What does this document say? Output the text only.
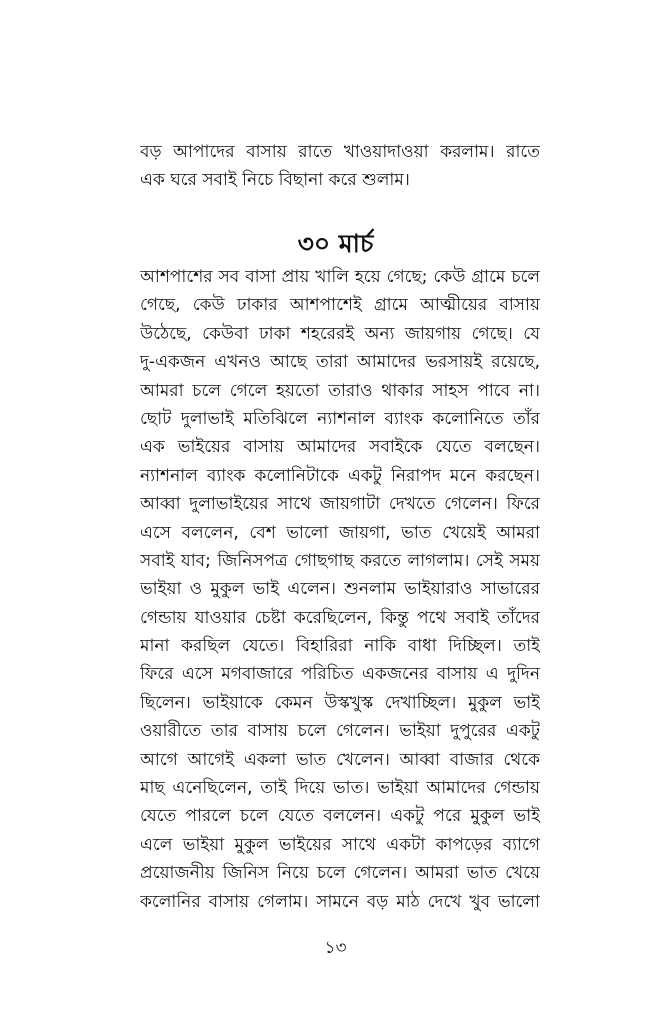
বড় আপাদের বাসায় রাতে খাওয়াদাওয়া করলাম। রাতে
এক ঘরে সবাই নিচে বিছানা করে শুলাম।
৩০ মার্চ
আশপাশের সব বাসা প্রায় খালি হয়ে গেছে; কেউ গ্রামে চলে
গেছে, কেউ ঢাকার আশপাশেই গ্রামে আত্মীয়ের বাসায়
উঠেছে, কেউবা ঢাকা শহরেরই অন্য জায়গায় গেছে। যে
দু-একজন এখনও আছে তারা আমাদের ভরসায়ই রয়েছে,
আমরা চলে গেলে হয়তো তারাও থাকার সাহস পাবে না।
ছোট দুলাভাই মতিঝিলে ন্যাশনাল ব্যাংক কলোনিতে তাঁর
এক ভাইয়ের বাসায় আমাদের সবাইকে যেতে বলছেন।
ন্যাশনাল ব্যাংক কলোনিটাকে একটু নিরাপদ মনে করছেন।
আব্বা দুলাভাইয়ের সাথে জায়গাটা দেখতে গেলেন। ফিরে
এসে বললেন, বেশ ভালো জায়গা, ভাত খেয়েই আমরা
সবাই যাব; জিনিসপত্র গোছগাছ করতে লাগলাম। সেই সময়
ভাইয়া ও মুকুল ভাই এলেন। শুনলাম ভাইয়ারাও সাভারের
গেন্ডায় যাওয়ার চেষ্টা করেছিলেন, কিন্তু পথে সবাই তাঁদের
মানা করছিল যেতে। বিহারিরা নাকি বাধা দিচ্ছিল। তাই
ফিরে এসে মগবাজারে পরিচিত একজনের বাসায় এ দুদিন
ছিলেন। ভাইয়াকে কেমন উস্কখুস্ক দেখাচ্ছিল। মুকুল ভাই
ওয়ারীতে তার বাসায় চলে গেলেন। ভাইয়া দুপুরের একটু
আগে আগেই একলা ভাত খেলেন। আব্বা বাজার থেকে
মাছ এনেছিলেন, তাই দিয়ে ভাত। ভাইয়া আমাদের গেন্ডায়
যেতে পারলে চলে যেতে বললেন। একটু পরে মুকুল ভাই
এলে ভাইয়া মুকুল ভাইয়ের সাথে একটা কাপড়ের ব্যাগে
প্রয়োজনীয় জিনিস নিয়ে চলে গেলেন। আমরা ভাত খেয়ে
কলোনির বাসায় গেলাম। সামনে বড় মাঠ দেখে খুব ভালো
১৩
